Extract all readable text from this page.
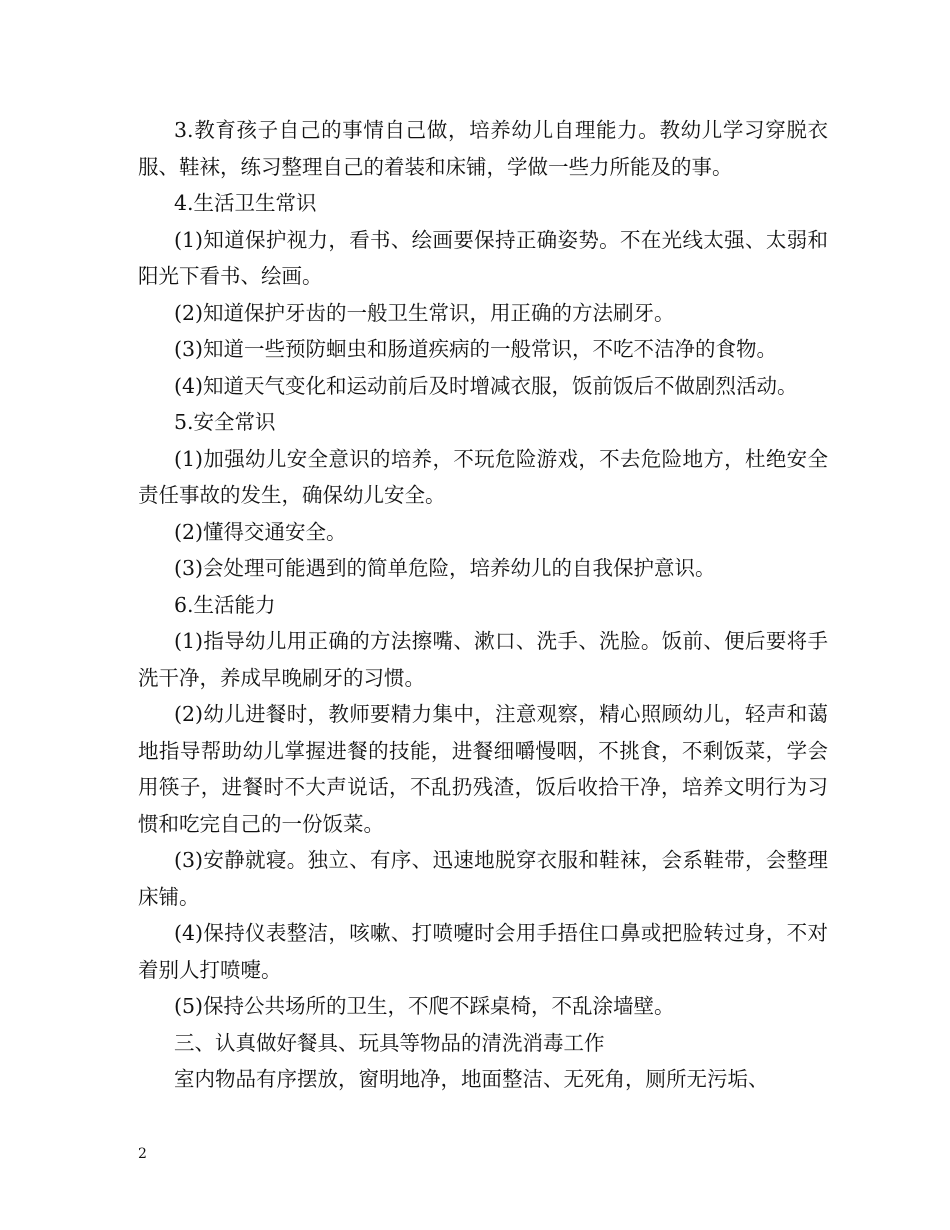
3.教育孩子自己的事情自己做，培养幼儿自理能力。教幼儿学习穿脱衣服、鞋袜，练习整理自己的着装和床铺，学做一些力所能及的事。

4.生活卫生常识

(1)知道保护视力，看书、绘画要保持正确姿势。不在光线太强、太弱和阳光下看书、绘画。

(2)知道保护牙齿的一般卫生常识，用正确的方法刷牙。

(3)知道一些预防蛔虫和肠道疾病的一般常识，不吃不洁净的食物。

(4)知道天气变化和运动前后及时增减衣服，饭前饭后不做剧烈活动。

5.安全常识

(1)加强幼儿安全意识的培养，不玩危险游戏，不去危险地方，杜绝安全责任事故的发生，确保幼儿安全。

(2)懂得交通安全。

(3)会处理可能遇到的简单危险，培养幼儿的自我保护意识。

6.生活能力

(1)指导幼儿用正确的方法擦嘴、漱口、洗手、洗脸。饭前、便后要将手洗干净，养成早晚刷牙的习惯。

(2)幼儿进餐时，教师要精力集中，注意观察，精心照顾幼儿，轻声和蔼地指导帮助幼儿掌握进餐的技能，进餐细嚼慢咽，不挑食，不剩饭菜，学会用筷子，进餐时不大声说话，不乱扔残渣，饭后收拾干净，培养文明行为习惯和吃完自己的一份饭菜。

(3)安静就寝。独立、有序、迅速地脱穿衣服和鞋袜，会系鞋带，会整理床铺。

(4)保持仪表整洁，咳嗽、打喷嚏时会用手捂住口鼻或把脸转过身，不对着别人打喷嚏。

(5)保持公共场所的卫生，不爬不踩桌椅，不乱涂墙壁。

三、认真做好餐具、玩具等物品的清洗消毒工作

室内物品有序摆放，窗明地净，地面整洁、无死角，厕所无污垢、

2
